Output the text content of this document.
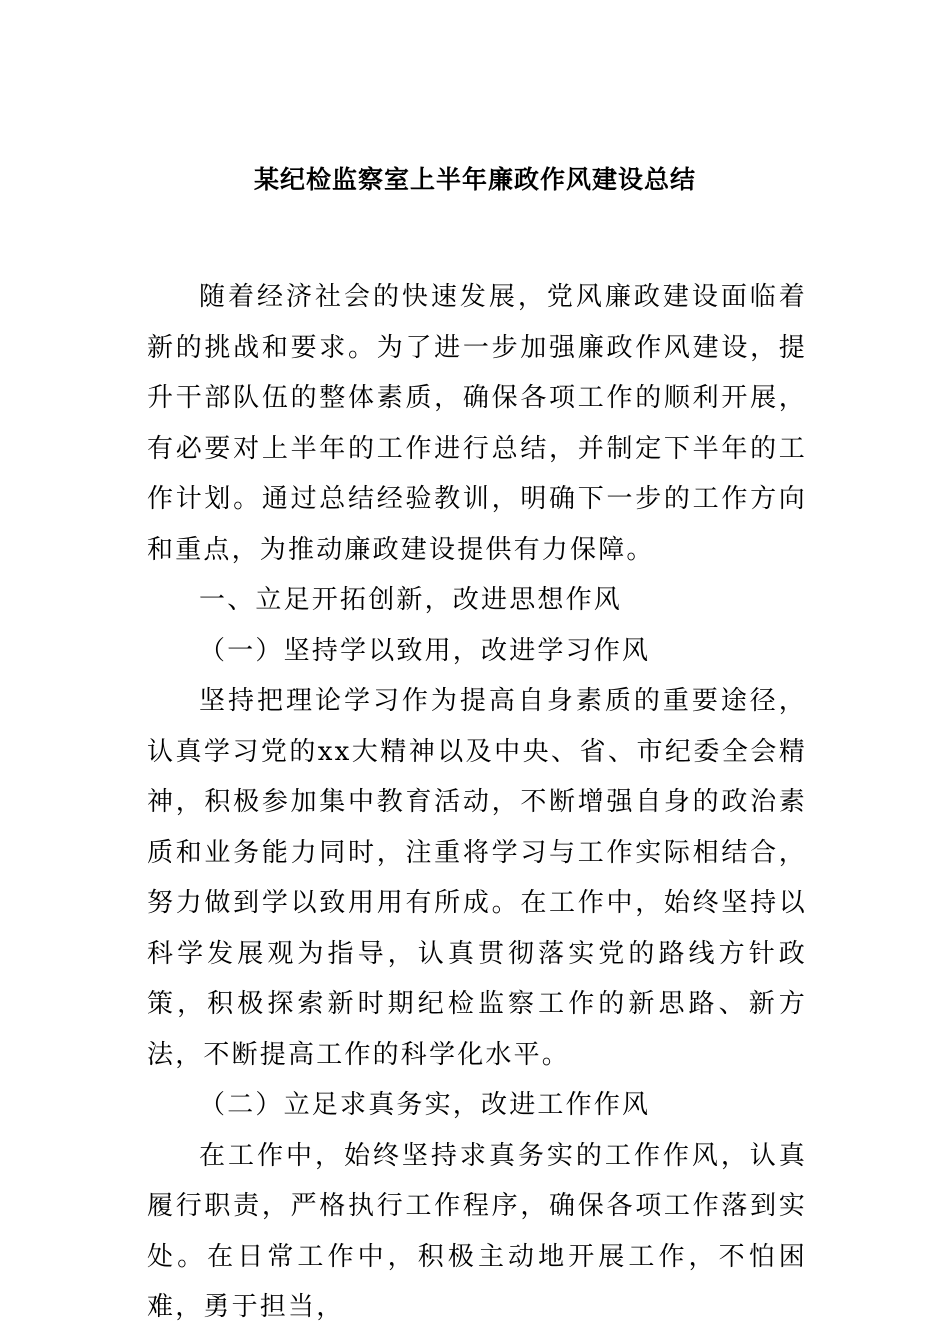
某纪检监察室上半年廉政作风建设总结

随着经济社会的快速发展，党风廉政建设面临着新的挑战和要求。为了进一步加强廉政作风建设，提升干部队伍的整体素质，确保各项工作的顺利开展，有必要对上半年的工作进行总结，并制定下半年的工作计划。通过总结经验教训，明确下一步的工作方向和重点，为推动廉政建设提供有力保障。

一、立足开拓创新，改进思想作风

（一）坚持学以致用，改进学习作风

坚持把理论学习作为提高自身素质的重要途径，认真学习党的xx大精神以及中央、省、市纪委全会精神，积极参加集中教育活动，不断增强自身的政治素质和业务能力同时，注重将学习与工作实际相结合，努力做到学以致用用有所成。在工作中，始终坚持以科学发展观为指导，认真贯彻落实党的路线方针政策，积极探索新时期纪检监察工作的新思路、新方法，不断提高工作的科学化水平。

（二）立足求真务实，改进工作作风

在工作中，始终坚持求真务实的工作作风，认真履行职责，严格执行工作程序，确保各项工作落到实处。在日常工作中，积极主动地开展工作，不怕困难，勇于担当，
